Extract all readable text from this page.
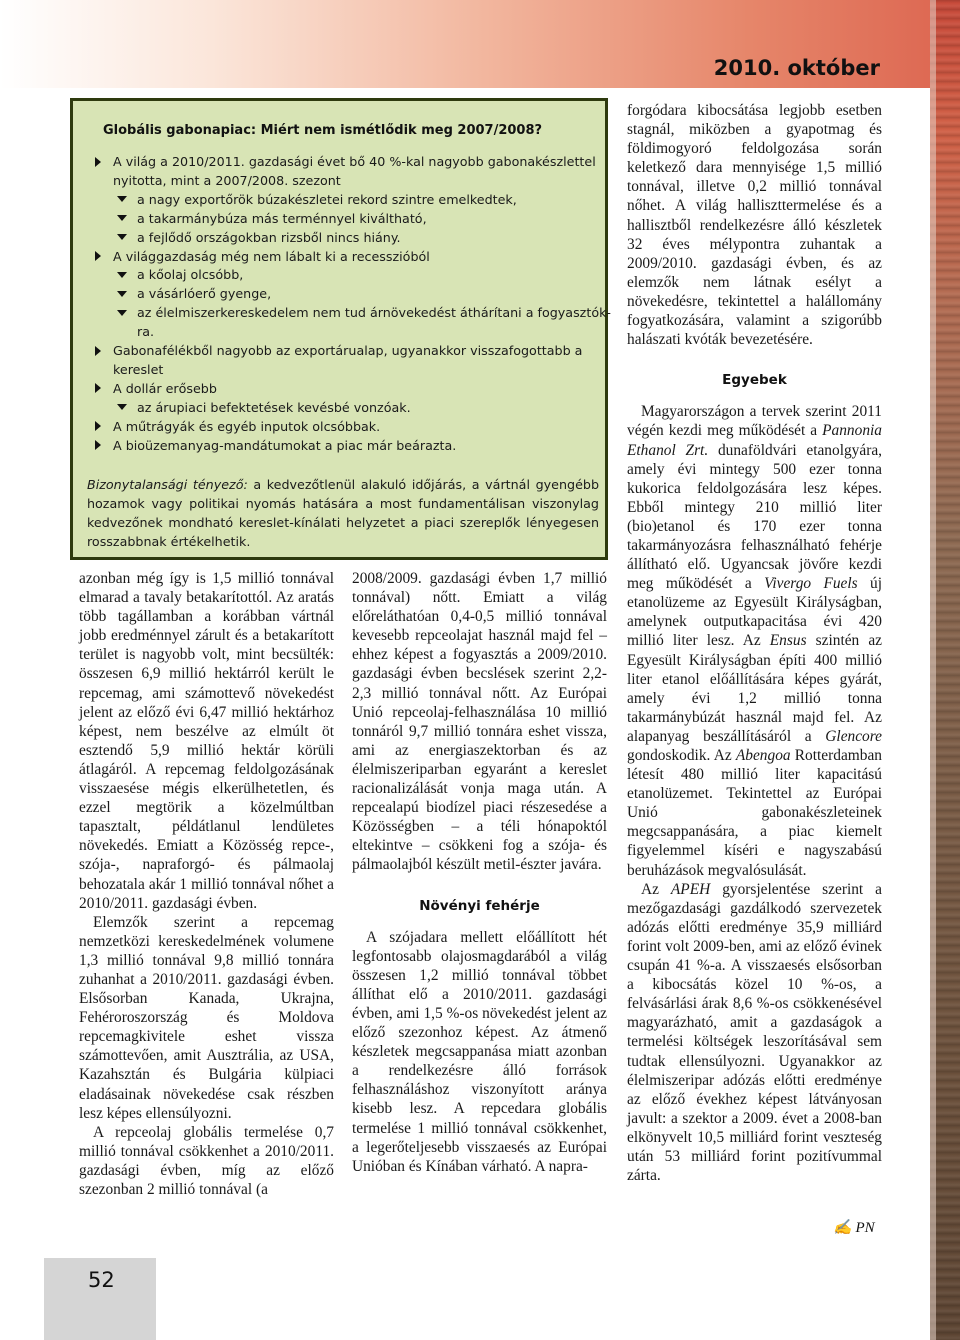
2010. október
52
Globális gabonapiac: Miért nem ismétlődik meg 2007/2008?
A világ a 2010/2011. gazdasági évet bő 40 %-kal nagyobb gabonakészlettel
nyitotta, mint a 2007/2008. szezont
a nagy exportőrök búzakészletei rekord szintre emelkedtek,
a takarmánybúza más terménnyel kiváltható,
a fejlődő országokban rizsből nincs hiány.
A világgazdaság még nem lábalt ki a recesszióból
a kőolaj olcsóbb,
a vásárlóerő gyenge,
az élelmiszerkereskedelem nem tud árnövekedést áthárítani a fogyasztók-
ra.
Gabonafélékből nagyobb az exportárualap, ugyanakkor visszafogottabb a
kereslet
A dollár erősebb
az árupiaci befektetések kevésbé vonzóak.
A műtrágyák és egyéb inputok olcsóbbak.
A bioüzemanyag-mandátumokat a piac már beárazta.
Bizonytalansági tényező: a kedvezőtlenül alakuló időjárás, a vártnál gyengébb hozamok vagy politikai nyomás hatására a most fundamentálisan viszonylag kedvezőnek mondható kereslet-kínálati helyzetet a piaci szereplők lényegesen rosszabbnak értékelhetik.

azonban még így is 1,5 millió tonnával elmarad a tavaly betakarítottól. Az aratás több tagállamban a korábban vártnál jobb eredménnyel zárult és a betakarított terület is nagyobb volt, mint becsülték: összesen 6,9 millió hektárról került le repcemag, ami számottevő növekedést jelent az előző évi 6,47 millió hektárhoz képest, nem beszélve az elmúlt öt esztendő 5,9 millió hektár körüli átlagáról. A repcemag feldolgozásának visszaesése mégis elkerülhetetlen, és ezzel megtörik a közelmúltban tapasztalt, példátlanul lendületes növekedés. Emiatt a Közösség repce-, szója-, napraforgó- és pálmaolaj behozatala akár 1 millió tonnával nőhet a 2010/2011. gazdasági évben.

Elemzők szerint a repcemag nemzetközi kereskedelmének volumene 1,3 millió tonnával 9,8 millió tonnára zuhanhat a 2010/2011. gazdasági évben. Elsősorban Kanada, Ukrajna, Fehéroroszország és Moldova repcemagkivitele eshet vissza számottevően, amit Ausztrália, az USA, Kazahsztán és Bulgária külpiaci eladásainak növekedése csak részben lesz képes ellensúlyozni.

A repceolaj globális termelése 0,7 millió tonnával csökkenhet a 2010/2011. gazdasági évben, míg az előző szezonban 2 millió tonnával (a

2008/2009. gazdasági évben 1,7 millió tonnával) nőtt. Emiatt a világ előreláthatóan 0,4-0,5 millió tonnával kevesebb repceolajat használ majd fel – ehhez képest a fogyasztás a 2009/2010. gazdasági évben becslések szerint 2,2-2,3 millió tonnával nőtt. Az Európai Unió repceolaj-felhasználása 10 millió tonnáról 9,7 millió tonnára eshet vissza, ami az energiaszektorban és az élelmiszeriparban egyaránt a kereslet racionalizálását vonja maga után. A repcealapú biodízel piaci részesedése a Közösségben – a téli hónapoktól eltekintve – csökkeni fog a szója- és pálmaolajból készült metil-észter javára.

Növényi fehérje

A szójadara mellett előállított hét legfontosabb olajosmagdarából a világ összesen 1,2 millió tonnával többet állíthat elő a 2010/2011. gazdasági évben, ami 1,5 %-os növekedést jelent az előző szezonhoz képest. Az átmenő készletek megcsappanása miatt azonban a rendelkezésre álló források felhasználáshoz viszonyított aránya kisebb lesz. A repcedara globális termelése 1 millió tonnával csökkenhet, a legerőteljesebb visszaesés az Európai Unióban és Kínában várható. A napra-

forgódara kibocsátása legjobb esetben stagnál, miközben a gyapotmag és földimogyoró feldolgozása során keletkező dara mennyisége 1,5 millió tonnával, illetve 0,2 millió tonnával nőhet. A világ halliszttermelése és a hallisztből rendelkezésre álló készletek 32 éves mélypontra zuhantak a 2009/2010. gazdasági évben, és az elemzők nem látnak esélyt a növekedésre, tekintettel a halállomány fogyatkozására, valamint a szigorúbb halászati kvóták bevezetésére.

Egyebek

Magyarországon a tervek szerint 2011 végén kezdi meg működését a Pannonia Ethanol Zrt. dunaföldvári etanolgyára, amely évi mintegy 500 ezer tonna kukorica feldolgozására lesz képes. Ebből mintegy 210 millió liter (bio)etanol és 170 ezer tonna takarmányozásra felhasználható fehérje állítható elő. Ugyancsak jövőre kezdi meg működését a Vivergo Fuels új etanolüzeme az Egyesült Királyságban, amelynek outputkapacitása évi 420 millió liter lesz. Az Ensus szintén az Egyesült Királyságban építi 400 millió liter etanol előállítására képes gyárát, amely évi 1,2 millió tonna takarmánybúzát használ majd fel. Az alapanyag beszállításáról a Glencore gondoskodik. Az Abengoa Rotterdamban létesít 480 millió liter kapacitású etanolüzemet. Tekintettel az Európai Unió gabonakészleteinek megcsappanására, a piac kiemelt figyelemmel kíséri e nagyszabású beruházások megvalósulását.

Az APEH gyorsjelentése szerint a mezőgazdasági gazdálkodó szervezetek adózás előtti eredménye 35,9 milliárd forint volt 2009-ben, ami az előző évinek csupán 41 %-a. A visszaesés elsősorban a kibocsátás közel 10 %-os, a felvásárlási árak 8,6 %-os csökkenésével magyarázható, amit a gazdaságok a termelési költségek leszorításával sem tudtak ellensúlyozni. Ugyanakkor az élelmiszeripar adózás előtti eredménye az előző évekhez képest látványosan javult: a szektor a 2009. évet a 2008-ban elkönyvelt 10,5 milliárd forint veszteség után 53 milliárd forint pozitívummal zárta.

✍ PN
